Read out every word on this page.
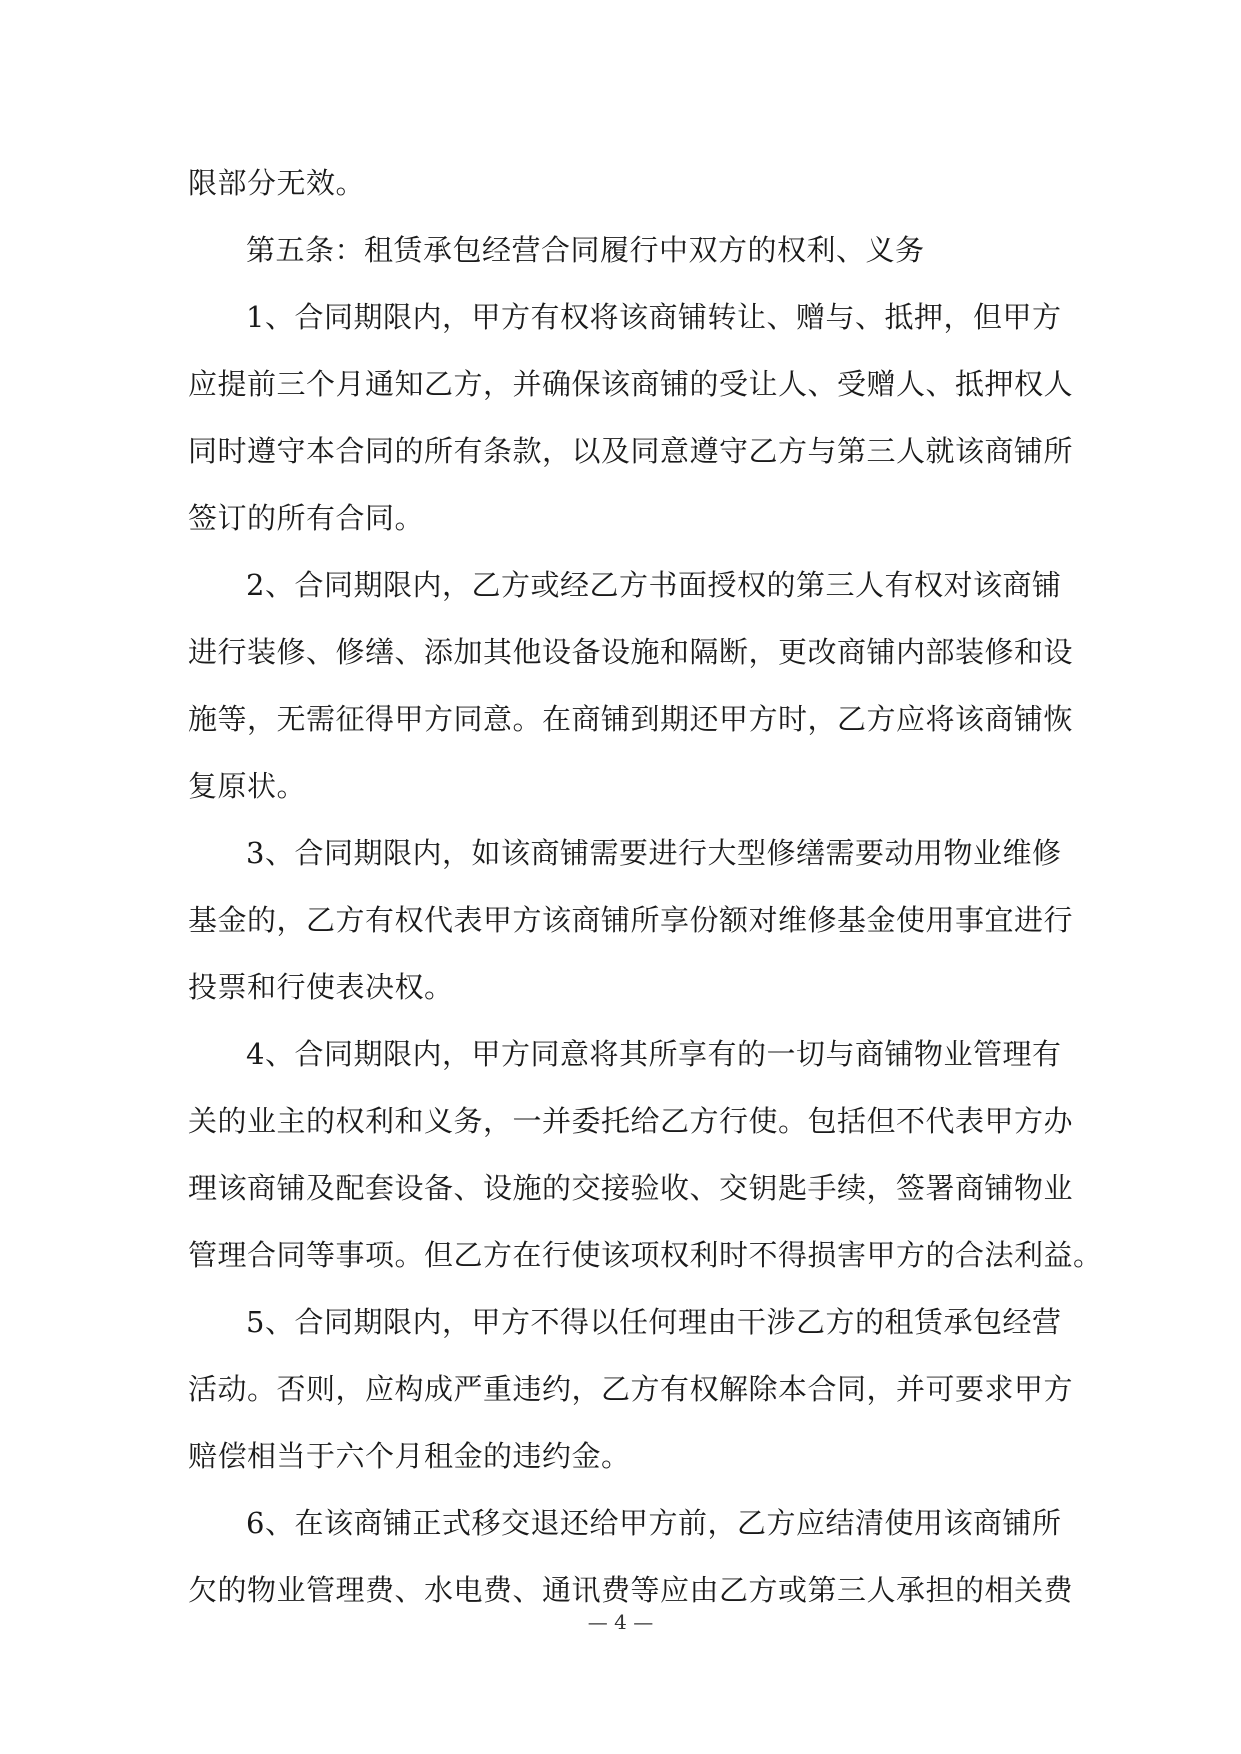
限部分无效。
第五条：租赁承包经营合同履行中双方的权利、义务
1、合同期限内，甲方有权将该商铺转让、赠与、抵押，但甲方
应提前三个月通知乙方，并确保该商铺的受让人、受赠人、抵押权人
同时遵守本合同的所有条款，以及同意遵守乙方与第三人就该商铺所
签订的所有合同。
2、合同期限内，乙方或经乙方书面授权的第三人有权对该商铺
进行装修、修缮、添加其他设备设施和隔断，更改商铺内部装修和设
施等，无需征得甲方同意。在商铺到期还甲方时，乙方应将该商铺恢
复原状。
3、合同期限内，如该商铺需要进行大型修缮需要动用物业维修
基金的，乙方有权代表甲方该商铺所享份额对维修基金使用事宜进行
投票和行使表决权。
4、合同期限内，甲方同意将其所享有的一切与商铺物业管理有
关的业主的权利和义务，一并委托给乙方行使。包括但不代表甲方办
理该商铺及配套设备、设施的交接验收、交钥匙手续，签署商铺物业
管理合同等事项。但乙方在行使该项权利时不得损害甲方的合法利益。
5、合同期限内，甲方不得以任何理由干涉乙方的租赁承包经营
活动。否则，应构成严重违约，乙方有权解除本合同，并可要求甲方
赔偿相当于六个月租金的违约金。
6、在该商铺正式移交退还给甲方前，乙方应结清使用该商铺所
欠的物业管理费、水电费、通讯费等应由乙方或第三人承担的相关费
— 4 —
